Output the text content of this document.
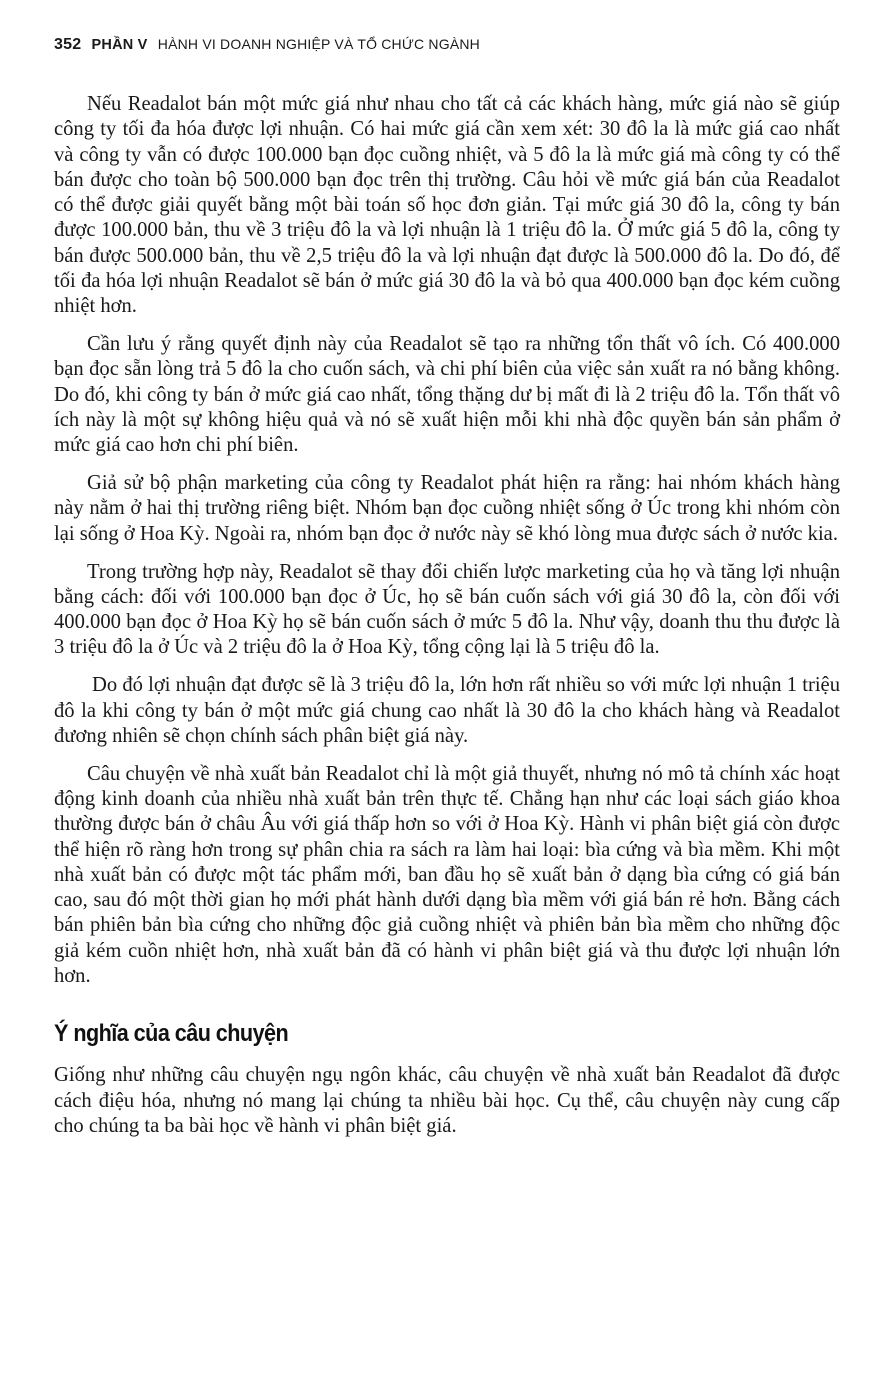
352 PHẦN V HÀNH VI DOANH NGHIỆP VÀ TỔ CHỨC NGÀNH

Nếu Readalot bán một mức giá như nhau cho tất cả các khách hàng, mức giá nào sẽ giúp công ty tối đa hóa được lợi nhuận. Có hai mức giá cần xem xét: 30 đô la là mức giá cao nhất và công ty vẫn có được 100.000 bạn đọc cuồng nhiệt, và 5 đô la là mức giá mà công ty có thể bán được cho toàn bộ 500.000 bạn đọc trên thị trường. Câu hỏi về mức giá bán của Readalot có thể được giải quyết bằng một bài toán số học đơn giản. Tại mức giá 30 đô la, công ty bán được 100.000 bản, thu về 3 triệu đô la và lợi nhuận là 1 triệu đô la. Ở mức giá 5 đô la, công ty bán được 500.000 bản, thu về 2,5 triệu đô la và lợi nhuận đạt được là 500.000 đô la. Do đó, để tối đa hóa lợi nhuận Readalot sẽ bán ở mức giá 30 đô la và bỏ qua 400.000 bạn đọc kém cuồng nhiệt hơn.

Cần lưu ý rằng quyết định này của Readalot sẽ tạo ra những tổn thất vô ích. Có 400.000 bạn đọc sẵn lòng trả 5 đô la cho cuốn sách, và chi phí biên của việc sản xuất ra nó bằng không. Do đó, khi công ty bán ở mức giá cao nhất, tổng thặng dư bị mất đi là 2 triệu đô la. Tổn thất vô ích này là một sự không hiệu quả và nó sẽ xuất hiện mỗi khi nhà độc quyền bán sản phẩm ở mức giá cao hơn chi phí biên.

Giả sử bộ phận marketing của công ty Readalot phát hiện ra rằng: hai nhóm khách hàng này nằm ở hai thị trường riêng biệt. Nhóm bạn đọc cuồng nhiệt sống ở Úc trong khi nhóm còn lại sống ở Hoa Kỳ. Ngoài ra, nhóm bạn đọc ở nước này sẽ khó lòng mua được sách ở nước kia.

Trong trường hợp này, Readalot sẽ thay đổi chiến lược marketing của họ và tăng lợi nhuận bằng cách: đối với 100.000 bạn đọc ở Úc, họ sẽ bán cuốn sách với giá 30 đô la, còn đối với 400.000 bạn đọc ở Hoa Kỳ họ sẽ bán cuốn sách ở mức 5 đô la. Như vậy, doanh thu thu được là 3 triệu đô la ở Úc và 2 triệu đô la ở Hoa Kỳ, tổng cộng lại là 5 triệu đô la.

Do đó lợi nhuận đạt được sẽ là 3 triệu đô la, lớn hơn rất nhiều so với mức lợi nhuận 1 triệu đô la khi công ty bán ở một mức giá chung cao nhất là 30 đô la cho khách hàng và Readalot đương nhiên sẽ chọn chính sách phân biệt giá này.

Câu chuyện về nhà xuất bản Readalot chỉ là một giả thuyết, nhưng nó mô tả chính xác hoạt động kinh doanh của nhiều nhà xuất bản trên thực tế. Chẳng hạn như các loại sách giáo khoa thường được bán ở châu Âu với giá thấp hơn so với ở Hoa Kỳ. Hành vi phân biệt giá còn được thể hiện rõ ràng hơn trong sự phân chia ra sách ra làm hai loại: bìa cứng và bìa mềm. Khi một nhà xuất bản có được một tác phẩm mới, ban đầu họ sẽ xuất bản ở dạng bìa cứng có giá bán cao, sau đó một thời gian họ mới phát hành dưới dạng bìa mềm với giá bán rẻ hơn. Bằng cách bán phiên bản bìa cứng cho những độc giả cuồng nhiệt và phiên bản bìa mềm cho những độc giả kém cuồn nhiệt hơn, nhà xuất bản đã có hành vi phân biệt giá và thu được lợi nhuận lớn hơn.

Ý nghĩa của câu chuyện

Giống như những câu chuyện ngụ ngôn khác, câu chuyện về nhà xuất bản Readalot đã được cách điệu hóa, nhưng nó mang lại chúng ta nhiều bài học. Cụ thể, câu chuyện này cung cấp cho chúng ta ba bài học về hành vi phân biệt giá.
